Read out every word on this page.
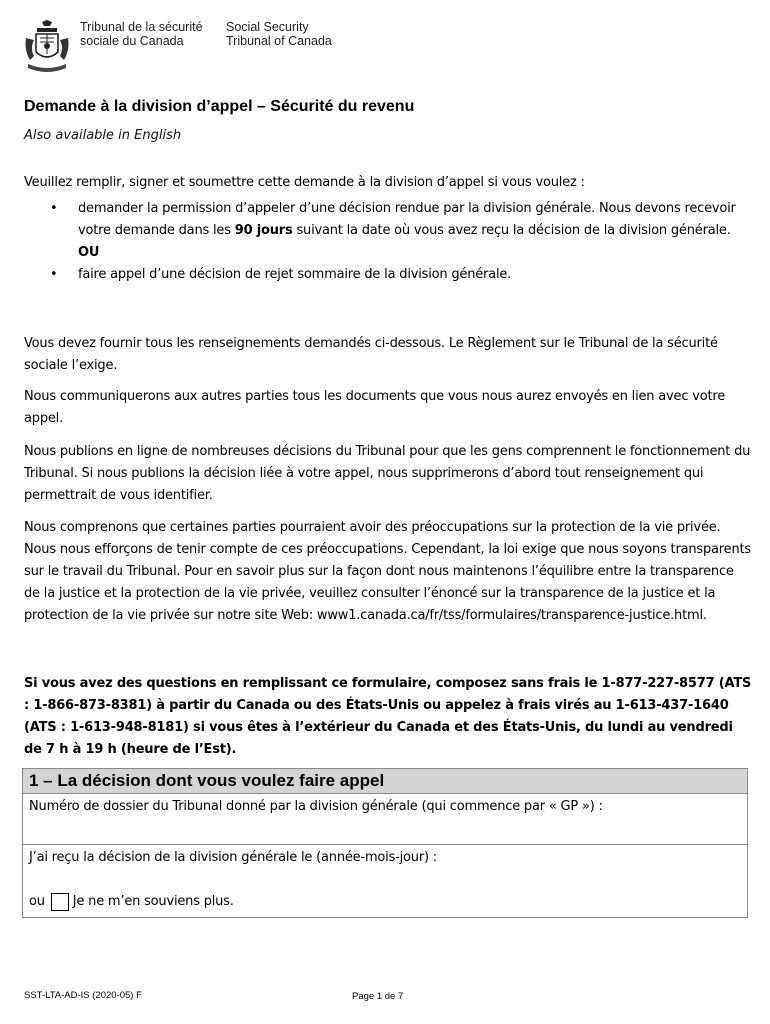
Tribunal de la sécurité
sociale du Canada
Social Security
Tribunal of Canada
Demande à la division d’appel – Sécurité du revenu
Also available in English
Veuillez remplir, signer et soumettre cette demande à la division d’appel si vous voulez :
• demander la permission d’appeler d’une décision rendue par la division générale. Nous devons recevoir votre demande dans les 90 jours suivant la date où vous avez reçu la décision de la division générale.
OU
• faire appel d’une décision de rejet sommaire de la division générale.

Vous devez fournir tous les renseignements demandés ci-dessous. Le Règlement sur le Tribunal de la sécurité sociale l’exige.

Nous communiquerons aux autres parties tous les documents que vous nous aurez envoyés en lien avec votre appel.

Nous publions en ligne de nombreuses décisions du Tribunal pour que les gens comprennent le fonctionnement du Tribunal. Si nous publions la décision liée à votre appel, nous supprimerons d’abord tout renseignement qui permettrait de vous identifier.

Nous comprenons que certaines parties pourraient avoir des préoccupations sur la protection de la vie privée. Nous nous efforçons de tenir compte de ces préoccupations. Cependant, la loi exige que nous soyons transparents sur le travail du Tribunal. Pour en savoir plus sur la façon dont nous maintenons l’équilibre entre la transparence de la justice et la protection de la vie privée, veuillez consulter l’énoncé sur la transparence de la justice et la protection de la vie privée sur notre site Web: www1.canada.ca/fr/tss/formulaires/transparence-justice.html.

Si vous avez des questions en remplissant ce formulaire, composez sans frais le 1-877-227-8577 (ATS : 1-866-873-8381) à partir du Canada ou des États-Unis ou appelez à frais virés au 1-613-437-1640 (ATS : 1-613-948-8181) si vous êtes à l’extérieur du Canada et des États-Unis, du lundi au vendredi de 7 h à 19 h (heure de l’Est).

1 – La décision dont vous voulez faire appel
Numéro de dossier du Tribunal donné par la division générale (qui commence par « GP ») :
J’ai reçu la décision de la division générale le (année-mois-jour) :
ou Je ne m’en souviens plus.
SST-LTA-AD-IS (2020-05) F	Page 1 de 7
